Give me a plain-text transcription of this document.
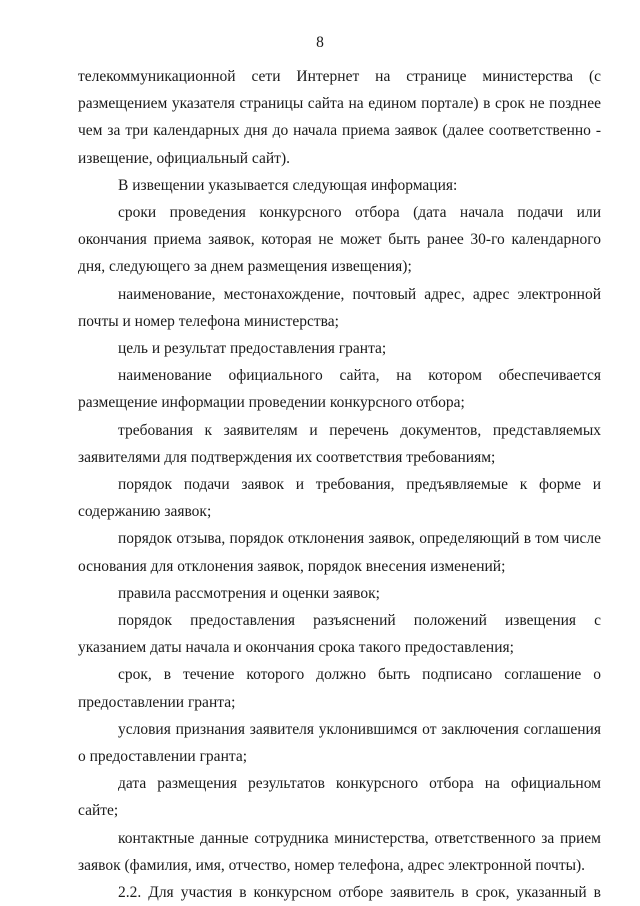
8

телекоммуникационной сети Интернет на странице министерства (с размещением указателя страницы сайта на едином портале) в срок не позднее чем за три календарных дня до начала приема заявок (далее соответственно - извещение, официальный сайт).

В извещении указывается следующая информация:

сроки проведения конкурсного отбора (дата начала подачи или окончания приема заявок, которая не может быть ранее 30-го календарного дня, следующего за днем размещения извещения);

наименование, местонахождение, почтовый адрес, адрес электронной почты и номер телефона министерства;

цель и результат предоставления гранта;

наименование официального сайта, на котором обеспечивается размещение информации проведении конкурсного отбора;

требования к заявителям и перечень документов, представляемых заявителями для подтверждения их соответствия требованиям;

порядок подачи заявок и требования, предъявляемые к форме и содержанию заявок;

порядок отзыва, порядок отклонения заявок, определяющий в том числе основания для отклонения заявок, порядок внесения изменений;

правила рассмотрения и оценки заявок;

порядок предоставления разъяснений положений извещения с указанием даты начала и окончания срока такого предоставления;

срок, в течение которого должно быть подписано соглашение о предоставлении гранта;

условия признания заявителя уклонившимся от заключения соглашения о предоставлении гранта;

дата размещения результатов конкурсного отбора на официальном сайте;

контактные данные сотрудника министерства, ответственного за прием заявок (фамилия, имя, отчество, номер телефона, адрес электронной почты).

2.2. Для участия в конкурсном отборе заявитель в срок, указанный в
